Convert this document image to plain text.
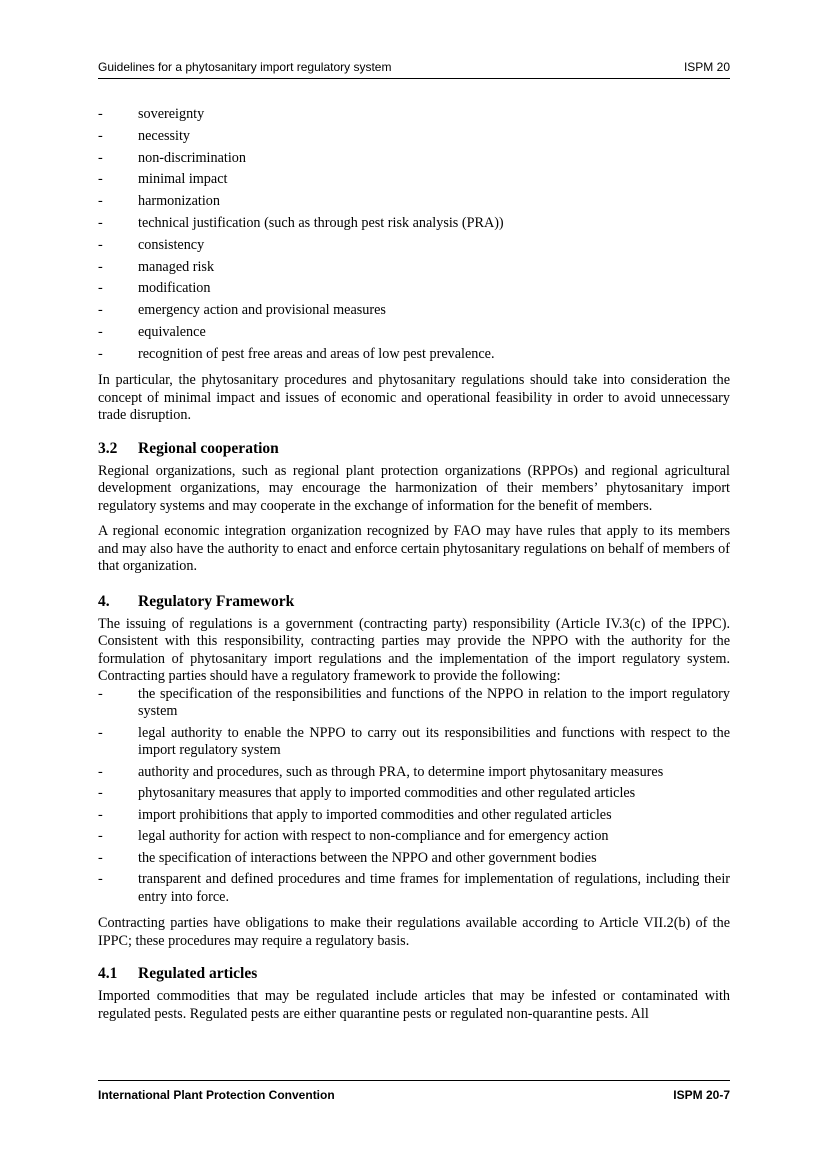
Guidelines for a phytosanitary import regulatory system	ISPM 20
- sovereignty
- necessity
- non-discrimination
- minimal impact
- harmonization
- technical justification (such as through pest risk analysis (PRA))
- consistency
- managed risk
- modification
- emergency action and provisional measures
- equivalence
- recognition of pest free areas and areas of low pest prevalence.

In particular, the phytosanitary procedures and phytosanitary regulations should take into consideration the concept of minimal impact and issues of economic and operational feasibility in order to avoid unnecessary trade disruption.

3.2 Regional cooperation

Regional organizations, such as regional plant protection organizations (RPPOs) and regional agricultural development organizations, may encourage the harmonization of their members’ phytosanitary import regulatory systems and may cooperate in the exchange of information for the benefit of members.

A regional economic integration organization recognized by FAO may have rules that apply to its members and may also have the authority to enact and enforce certain phytosanitary regulations on behalf of members of that organization.

4. Regulatory Framework

The issuing of regulations is a government (contracting party) responsibility (Article IV.3(c) of the IPPC). Consistent with this responsibility, contracting parties may provide the NPPO with the authority for the formulation of phytosanitary import regulations and the implementation of the import regulatory system. Contracting parties should have a regulatory framework to provide the following:

- the specification of the responsibilities and functions of the NPPO in relation to the import regulatory system
- legal authority to enable the NPPO to carry out its responsibilities and functions with respect to the import regulatory system
- authority and procedures, such as through PRA, to determine import phytosanitary measures
- phytosanitary measures that apply to imported commodities and other regulated articles
- import prohibitions that apply to imported commodities and other regulated articles
- legal authority for action with respect to non-compliance and for emergency action
- the specification of interactions between the NPPO and other government bodies
- transparent and defined procedures and time frames for implementation of regulations, including their entry into force.

Contracting parties have obligations to make their regulations available according to Article VII.2(b) of the IPPC; these procedures may require a regulatory basis.

4.1 Regulated articles

Imported commodities that may be regulated include articles that may be infested or contaminated with regulated pests. Regulated pests are either quarantine pests or regulated non-quarantine pests. All

International Plant Protection Convention	ISPM 20-7
